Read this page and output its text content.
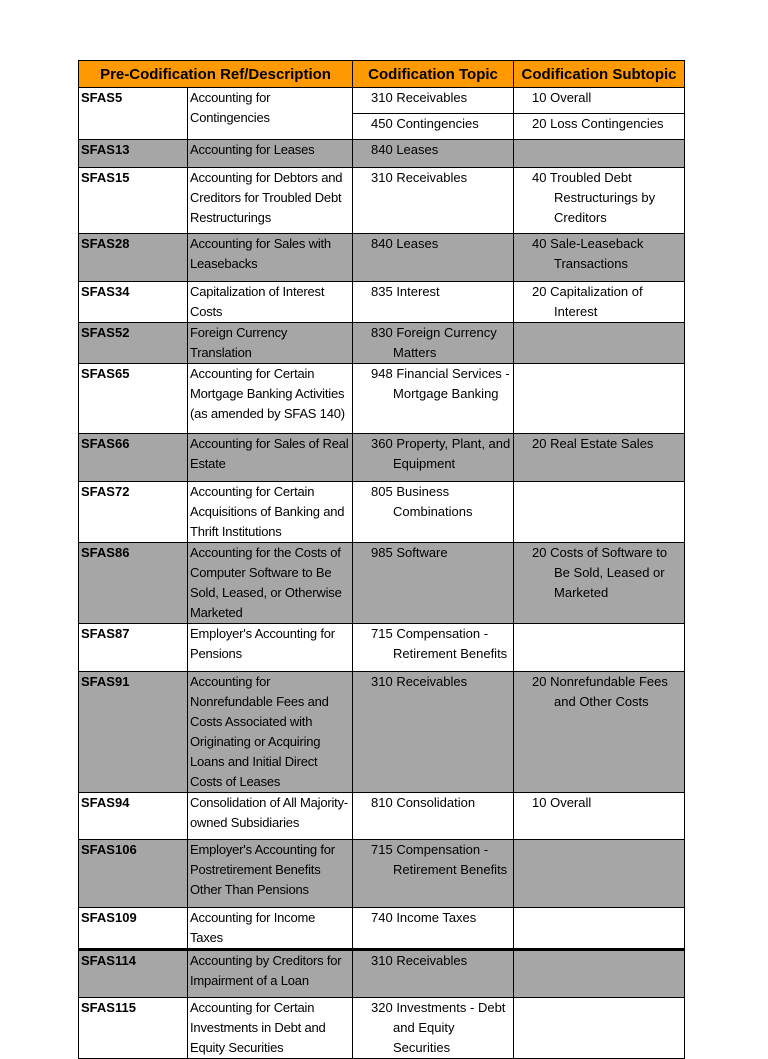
Pre-Codification Ref/Description		Codification Topic	Codification Subtopic
SFAS5	Accounting for Contingencies	310 Receivables	10 Overall

		450 Contingencies	20 Loss Contingencies

SFAS13	Accounting for Leases	840 Leases	

SFAS15	Accounting for Debtors and Creditors for Troubled Debt Restructurings	310 Receivables	40 Troubled Debt Restructurings by Creditors

SFAS28	Accounting for Sales with Leasebacks	840 Leases	40 Sale-Leaseback Transactions

SFAS34	Capitalization of Interest Costs	835 Interest	20 Capitalization of Interest

SFAS52	Foreign Currency Translation	830 Foreign Currency Matters	

SFAS65	Accounting for Certain Mortgage Banking Activities (as amended by SFAS 140)	948 Financial Services - Mortgage Banking	

SFAS66	Accounting for Sales of Real Estate	360 Property, Plant, and Equipment	20 Real Estate Sales

SFAS72	Accounting for Certain Acquisitions of Banking and Thrift Institutions	805 Business Combinations	

SFAS86	Accounting for the Costs of Computer Software to Be Sold, Leased, or Otherwise Marketed	985 Software	20 Costs of Software to Be Sold, Leased or Marketed

SFAS87	Employer's Accounting for Pensions	715 Compensation - Retirement Benefits	

SFAS91	Accounting for Nonrefundable Fees and Costs Associated with Originating or Acquiring Loans and Initial Direct Costs of Leases	310 Receivables	20 Nonrefundable Fees and Other Costs

SFAS94	Consolidation of All Majority-owned Subsidiaries	810 Consolidation	10 Overall

SFAS106	Employer's Accounting for Postretirement Benefits Other Than Pensions	715 Compensation - Retirement Benefits	

SFAS109	Accounting for Income Taxes	740 Income Taxes	

SFAS114	Accounting by Creditors for Impairment of a Loan	310 Receivables	

SFAS115	Accounting for Certain Investments in Debt and Equity Securities	320 Investments - Debt and Equity Securities	
